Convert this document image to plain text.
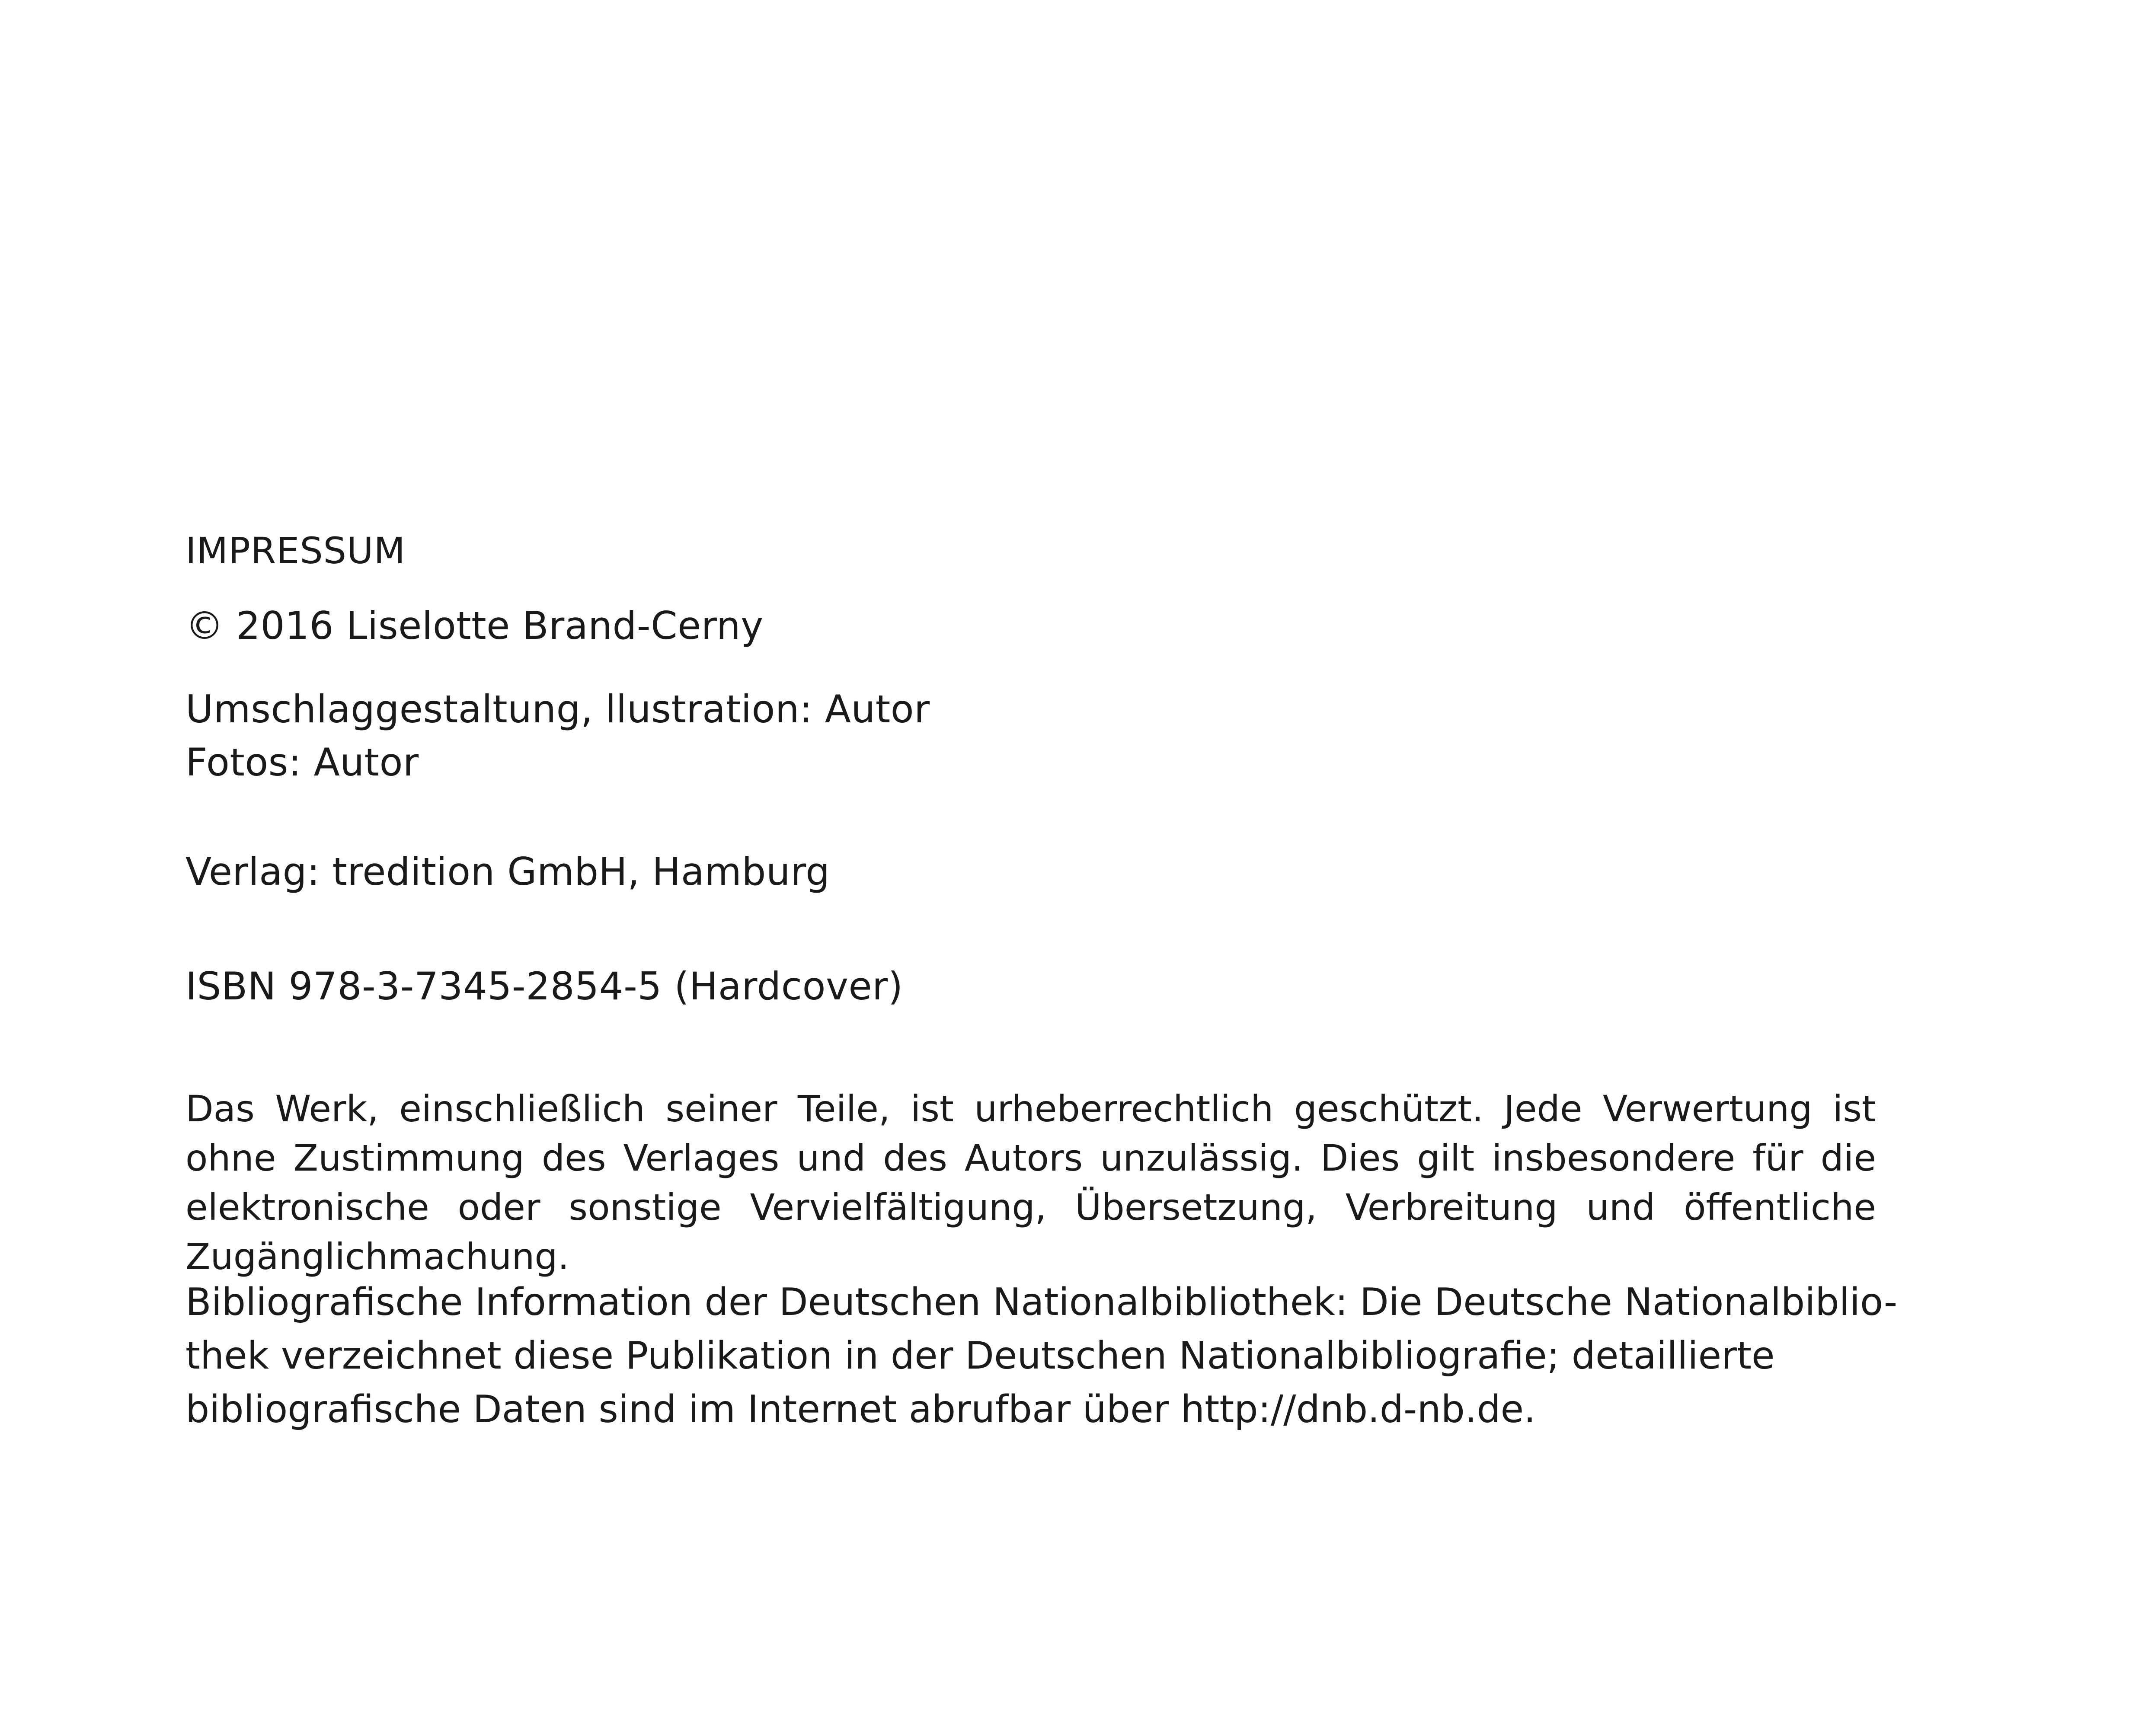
IMPRESSUM
© 2016 Liselotte Brand-Cerny
Umschlaggestaltung, llustration: Autor
Fotos: Autor
Verlag: tredition GmbH, Hamburg
ISBN 978-3-7345-2854-5 (Hardcover)
Das Werk, einschließlich seiner Teile, ist urheberrechtlich geschützt. Jede Verwertung ist
ohne Zustimmung des Verlages und des Autors unzulässig. Dies gilt insbesondere für die
elektronische oder sonstige Vervielfältigung, Übersetzung, Verbreitung und öffentliche
Zugänglichmachung.
Bibliografische Information der Deutschen Nationalbibliothek: Die Deutsche Nationalbiblio-
thek verzeichnet diese Publikation in der Deutschen Nationalbibliografie; detaillierte
bibliografische Daten sind im Internet abrufbar über http://dnb.d-nb.de.
